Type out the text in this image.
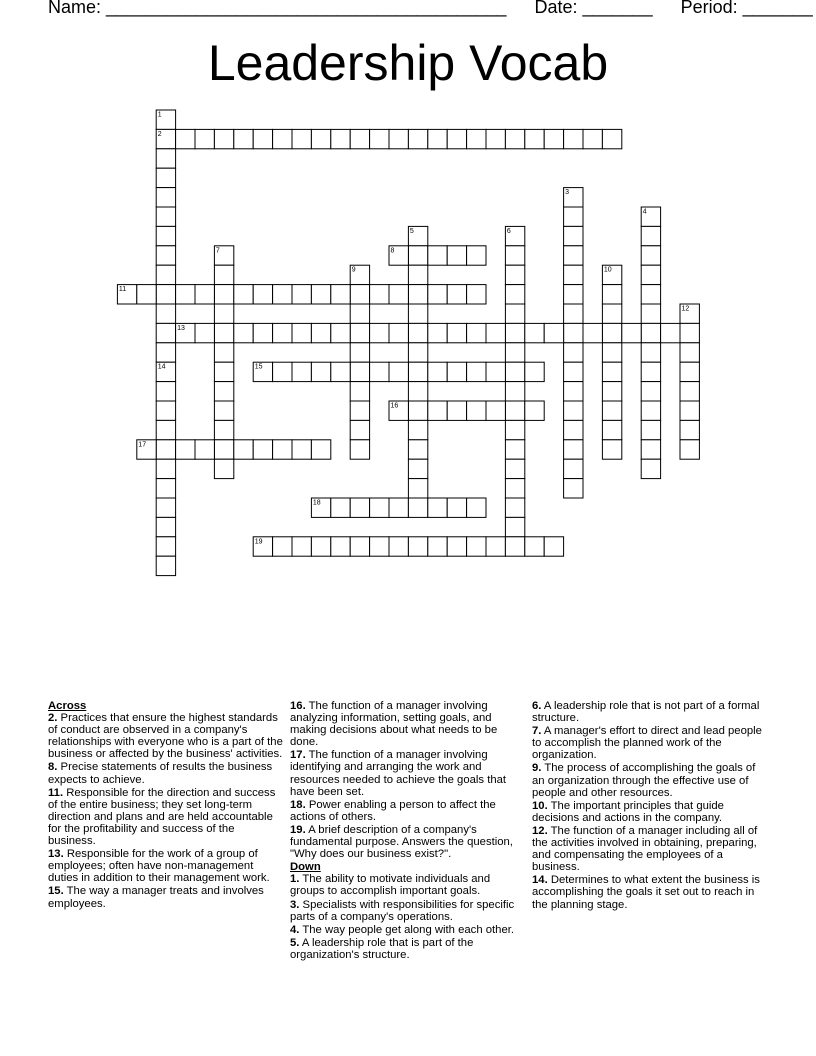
Name: ________________________________________ Date: _______ Period: _______
Leadership Vocab
1
2
3
4
5	6
7	8
9	10
11
12
13
14	15
16
17
18
19
Across
2. Practices that ensure the highest standards of conduct are observed in a company's relationships with everyone who is a part of the business or affected by the business' activities.
8. Precise statements of results the business expects to achieve.
11. Responsible for the direction and success of the entire business; they set long-term direction and plans and are held accountable for the profitability and success of the business.
13. Responsible for the work of a group of employees; often have non-management duties in addition to their management work.
15. The way a manager treats and involves employees.
16. The function of a manager involving analyzing information, setting goals, and making decisions about what needs to be done.
17. The function of a manager involving identifying and arranging the work and resources needed to achieve the goals that have been set.
18. Power enabling a person to affect the actions of others.
19. A brief description of a company's fundamental purpose. Answers the question, "Why does our business exist?".
Down
1. The ability to motivate individuals and groups to accomplish important goals.
3. Specialists with responsibilities for specific parts of a company's operations.
4. The way people get along with each other.
5. A leadership role that is part of the organization's structure.
6. A leadership role that is not part of a formal structure.
7. A manager's effort to direct and lead people to accomplish the planned work of the organization.
9. The process of accomplishing the goals of an organization through the effective use of people and other resources.
10. The important principles that guide decisions and actions in the company.
12. The function of a manager including all of the activities involved in obtaining, preparing, and compensating the employees of a business.
14. Determines to what extent the business is accomplishing the goals it set out to reach in the planning stage.
